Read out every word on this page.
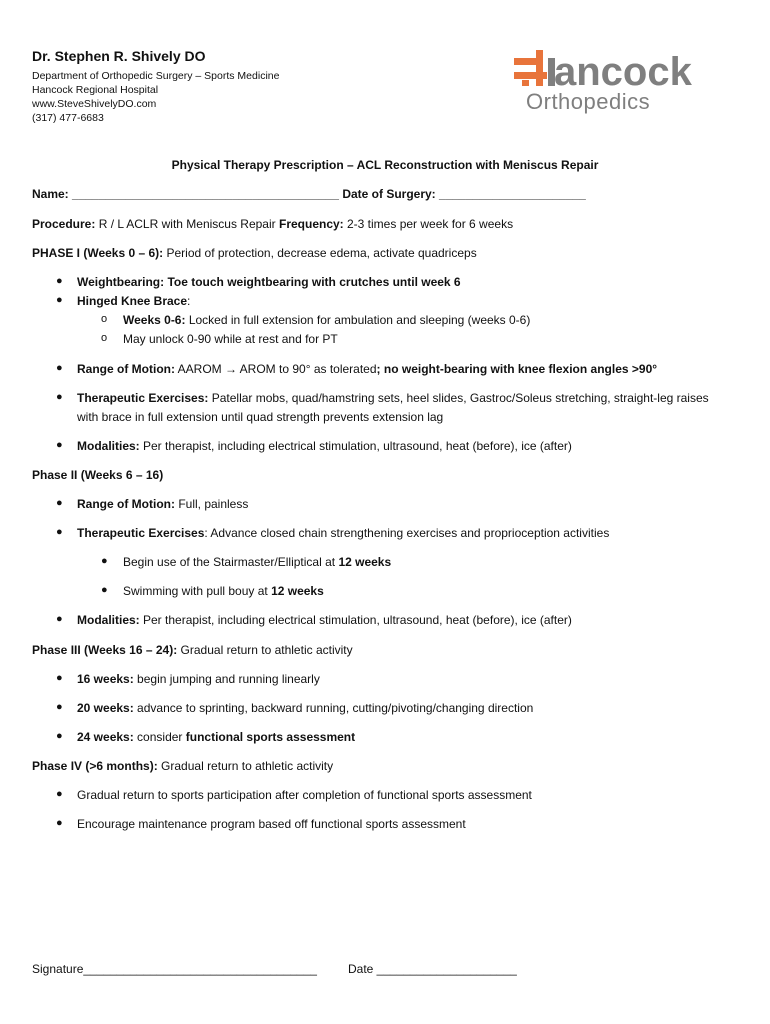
Dr. Stephen R. Shively DO
Department of Orthopedic Surgery – Sports Medicine
Hancock Regional Hospital
www.SteveShivelyDO.com
(317) 477-6683
ancock
Orthopedics
Physical Therapy Prescription – ACL Reconstruction with Meniscus Repair
Name: ________________________________________ Date of Surgery: ______________________
Procedure: R / L ACLR with Meniscus Repair Frequency: 2-3 times per week for 6 weeks
PHASE I (Weeks 0 – 6): Period of protection, decrease edema, activate quadriceps
● Weightbearing: Toe touch weightbearing with crutches until week 6
● Hinged Knee Brace:
o Weeks 0-6: Locked in full extension for ambulation and sleeping (weeks 0-6)
o May unlock 0-90 while at rest and for PT
● Range of Motion: AAROM → AROM to 90° as tolerated; no weight-bearing with knee flexion angles >90°
● Therapeutic Exercises: Patellar mobs, quad/hamstring sets, heel slides, Gastroc/Soleus stretching, straight-leg raises
with brace in full extension until quad strength prevents extension lag
● Modalities: Per therapist, including electrical stimulation, ultrasound, heat (before), ice (after)
Phase II (Weeks 6 – 16)
● Range of Motion: Full, painless
● Therapeutic Exercises: Advance closed chain strengthening exercises and proprioception activities
● Begin use of the Stairmaster/Elliptical at 12 weeks
● Swimming with pull bouy at 12 weeks
● Modalities: Per therapist, including electrical stimulation, ultrasound, heat (before), ice (after)
Phase III (Weeks 16 – 24): Gradual return to athletic activity
● 16 weeks: begin jumping and running linearly
● 20 weeks: advance to sprinting, backward running, cutting/pivoting/changing direction
● 24 weeks: consider functional sports assessment
Phase IV (>6 months): Gradual return to athletic activity
● Gradual return to sports participation after completion of functional sports assessment
● Encourage maintenance program based off functional sports assessment
Signature___________________________________	Date _____________________
